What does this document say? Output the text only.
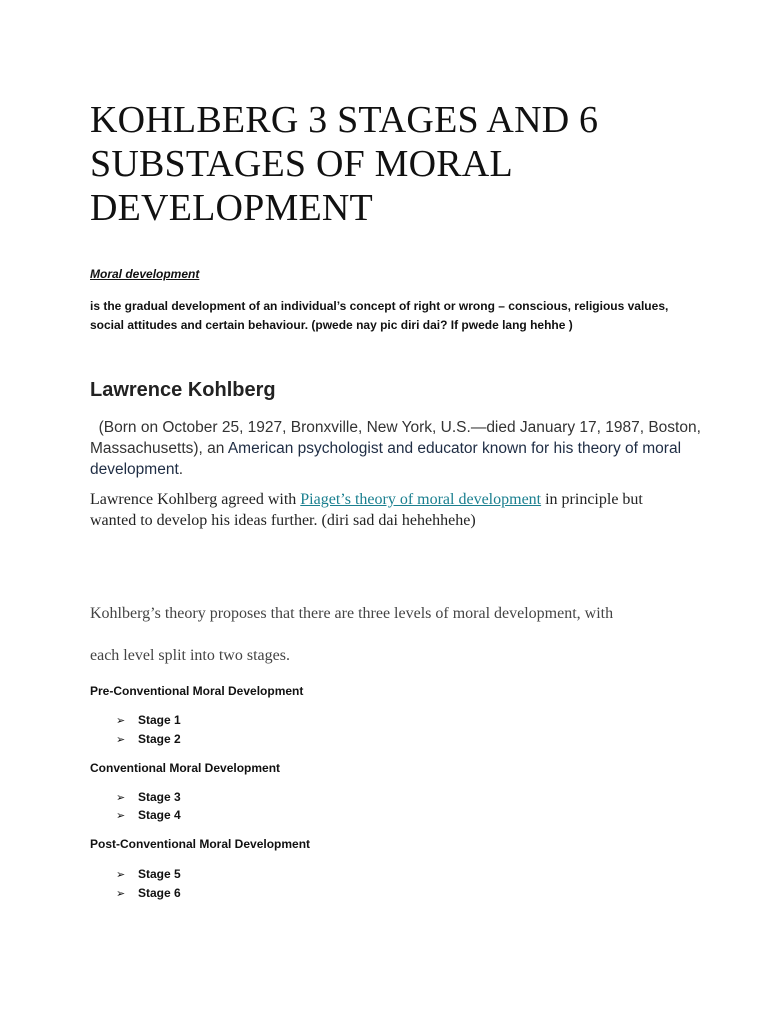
KOHLBERG 3 STAGES AND 6 SUBSTAGES OF MORAL DEVELOPMENT
Moral development
is the gradual development of an individual’s concept of right or wrong – conscious, religious values, social attitudes and certain behaviour. (pwede nay pic diri dai? If pwede lang hehhe )
Lawrence Kohlberg
(Born on October 25, 1927, Bronxville, New York, U.S.—died January 17, 1987, Boston, Massachusetts), an American psychologist and educator known for his theory of moral development.
Lawrence Kohlberg agreed with Piaget’s theory of moral development in principle but wanted to develop his ideas further. (diri sad dai hehehhehe)
Kohlberg’s theory proposes that there are three levels of moral development, with
each level split into two stages.
Pre-Conventional Moral Development
➢ Stage 1
➢ Stage 2
Conventional Moral Development
➢ Stage 3
➢ Stage 4
Post-Conventional Moral Development
➢ Stage 5
➢ Stage 6
